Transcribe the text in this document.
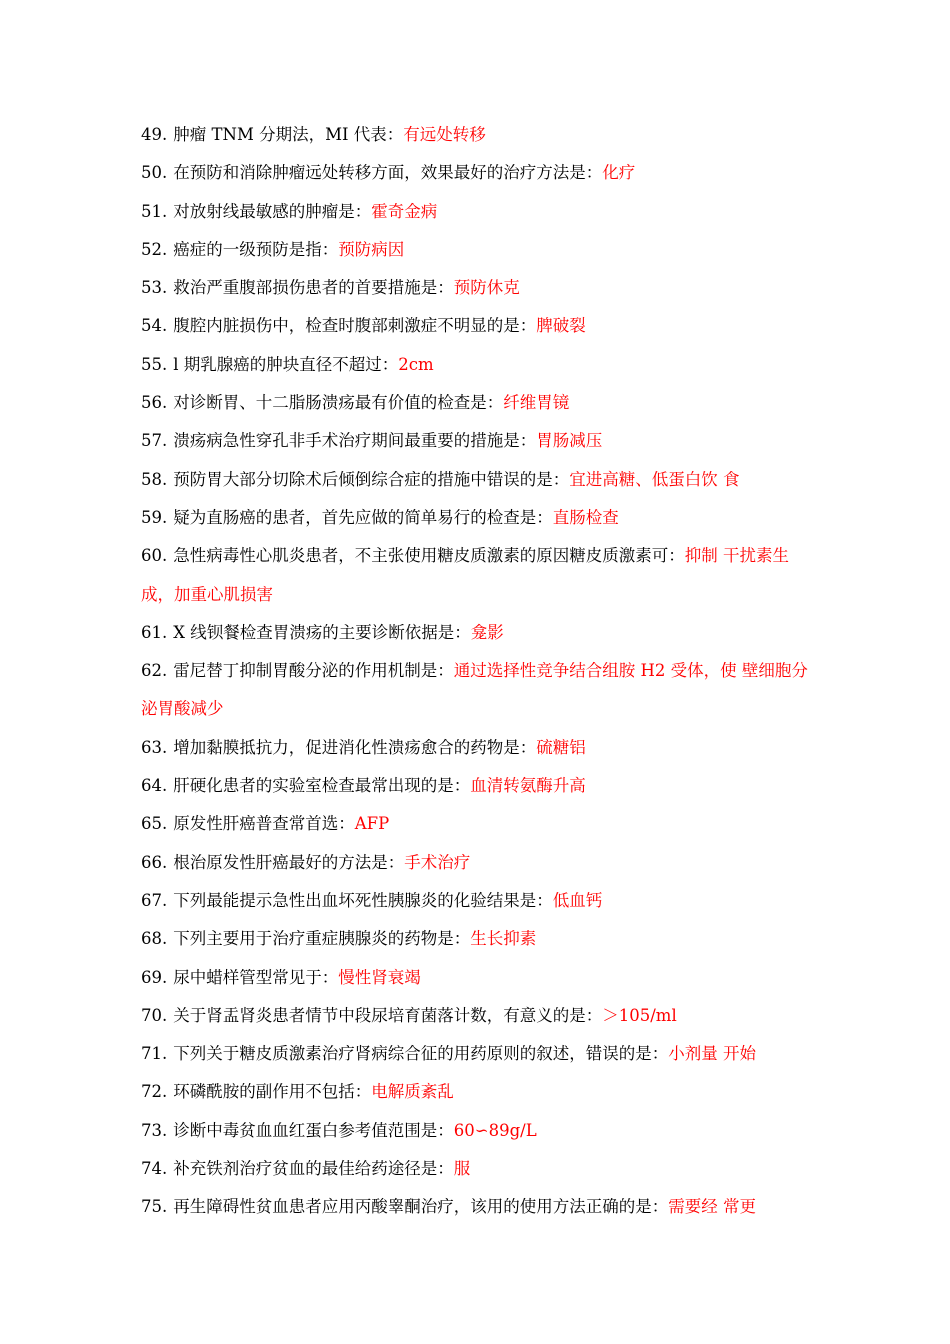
49. 肿瘤 TNM 分期法，MI 代表：有远处转移
50. 在预防和消除肿瘤远处转移方面，效果最好的治疗方法是：化疗
51. 对放射线最敏感的肿瘤是：霍奇金病
52. 癌症的一级预防是指：预防病因
53. 救治严重腹部损伤患者的首要措施是：预防休克
54. 腹腔内脏损伤中，检查时腹部刺激症不明显的是：脾破裂
55. l 期乳腺癌的肿块直径不超过：2cm
56. 对诊断胃、十二脂肠溃疡最有价值的检查是：纤维胃镜
57. 溃疡病急性穿孔非手术治疗期间最重要的措施是：胃肠减压
58. 预防胃大部分切除术后倾倒综合症的措施中错误的是：宜进高糖、低蛋白饮 食
59. 疑为直肠癌的患者，首先应做的简单易行的检查是：直肠检查
60. 急性病毒性心肌炎患者，不主张使用糖皮质激素的原因糖皮质激素可：抑制 干扰素生成，加重心肌损害
61. X 线钡餐检查胃溃疡的主要诊断依据是：龛影
62. 雷尼替丁抑制胃酸分泌的作用机制是：通过选择性竞争结合组胺 H2 受体，使 壁细胞分泌胃酸减少
63. 增加黏膜抵抗力，促进消化性溃疡愈合的药物是：硫糖铝
64. 肝硬化患者的实验室检查最常出现的是：血清转氨酶升高
65. 原发性肝癌普查常首选：AFP
66. 根治原发性肝癌最好的方法是：手术治疗
67. 下列最能提示急性出血坏死性胰腺炎的化验结果是：低血钙
68. 下列主要用于治疗重症胰腺炎的药物是：生长抑素
69. 尿中蜡样管型常见于：慢性肾衰竭
70. 关于肾盂肾炎患者情节中段尿培育菌落计数，有意义的是：＞105/ml
71. 下列关于糖皮质激素治疗肾病综合征的用药原则的叙述，错误的是：小剂量 开始
72. 环磷酰胺的副作用不包括：电解质紊乱
73. 诊断中毒贫血血红蛋白参考值范围是：60∽89g/L
74. 补充铁剂治疗贫血的最佳给药途径是：服
75. 再生障碍性贫血患者应用丙酸睾酮治疗，该用的使用方法正确的是：需要经 常更
